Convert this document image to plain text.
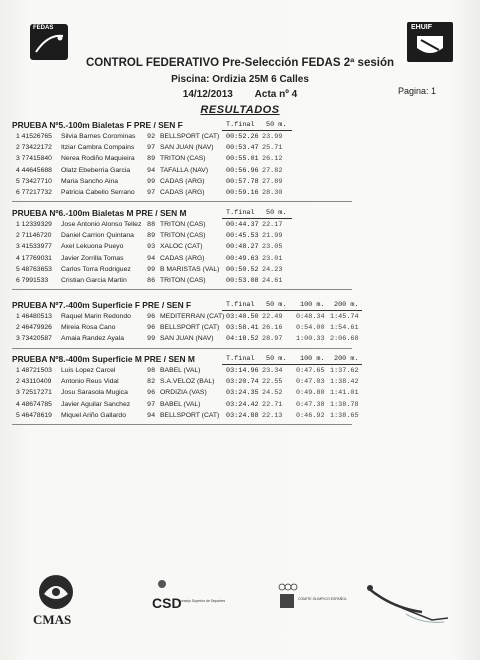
FEDAS	EHUIF
CONTROL FEDERATIVO Pre-Selección FEDAS 2ª sesión
Piscina: Ordizia 25M 6 Calles
14/12/2013        Acta nº 4	Pagina: 1
RESULTADOS
PRUEBA Nº5.-100m Bialetas F PRE / SEN F	T.final 50 m.
1 41526765 Silvia Barnes Corominas 92 BELLSPORT (CAT) 00:52.26 23.99
2 73422172 Itziar Cambra Compains 97 SAN JUAN (NAV) 00:53.47 25.71
3 77415840 Nerea Rodiño Maquieira 89 TRITON (CAS)	00:55.01 26.12
4 44645688 Olatz Ebeberria Garcia 94 TAFALLA (NAV)	00:56.96 27.82
5 73427710 Maria Sancho Aina	99 CADAS (ARG)	00:57.78 27.89
6 77217732 Patricia Cabello Serrano 97 CADAS (ARG)	00:59.16 28.30
PRUEBA Nº6.-100m Bialetas M PRE / SEN M	T.final 50 m.
1 12339329 Jose Antonio Alonso Tellez 88 TRITON (CAS)	00:44.37 22.17
2 71146720 Daniel Carrion Quintana 89 TRITON (CAS)	00:45.53 21.99
3 41533977 Axel Lekuona Pueyo	93 XALOC (CAT)	00:48.27 23.05
4 17769031 Javier Zorrilla Tomas	94 CADAS (ARG)	00:49.63 23.01
5 48763653 Carlos Torra Rodriguez 99 B MARISTAS (VAL) 00:50.52 24.23
6 7991533 Cristian Garcia Martin	86 TRITON (CAS)	00:53.08 24.61
PRUEBA Nº7.-400m Superficie F PRE / SEN F	T.final 50 m. 100 m. 200 m.
1 46480513 Raquel Marin Redondo 96 MEDITERRAN (CAT) 03:40.50 22.49 0:48.34 1:45.74
2 46479926 Mireia Rosa Cano	96 BELLSPORT (CAT) 03:58.41 26.16 0:54.00 1:54.61
3 73420587 Amaia Randez Ayala	99 SAN JUAN (NAV) 04:18.52 28.97 1:00.33 2:06.68
PRUEBA Nº8.-400m Superficie M PRE / SEN M	T.final 50 m. 100 m. 200 m.
1 48721503 Luis Lopez Carcel	98 BABEL (VAL)	03:14.96 23.34 0:47.65 1:37.62
2 43110409 Antonio Reus Vidal	82 S.A.VELOZ (BAL) 03:20.74 22.55 0:47.03 1:38.42
3 72517271 Josu Sarasola Mugica	96 ORDIZIA (VAS)	03:24.35 24.52 0:49.80 1:41.01
4 48674785 Javier Aguilar Sanchez 97 BABEL (VAL)	03:24.42 22.71 0:47.38 1:38.78
5 46478619 Miquel Ariño Gallardo	94 BELLSPORT (CAT) 03:24.88 22.13 0:46.92 1:38.65
CMAS
CSD
Consejo Superior de Deportes	COMITE OLIMPICO ESPAÑOL
